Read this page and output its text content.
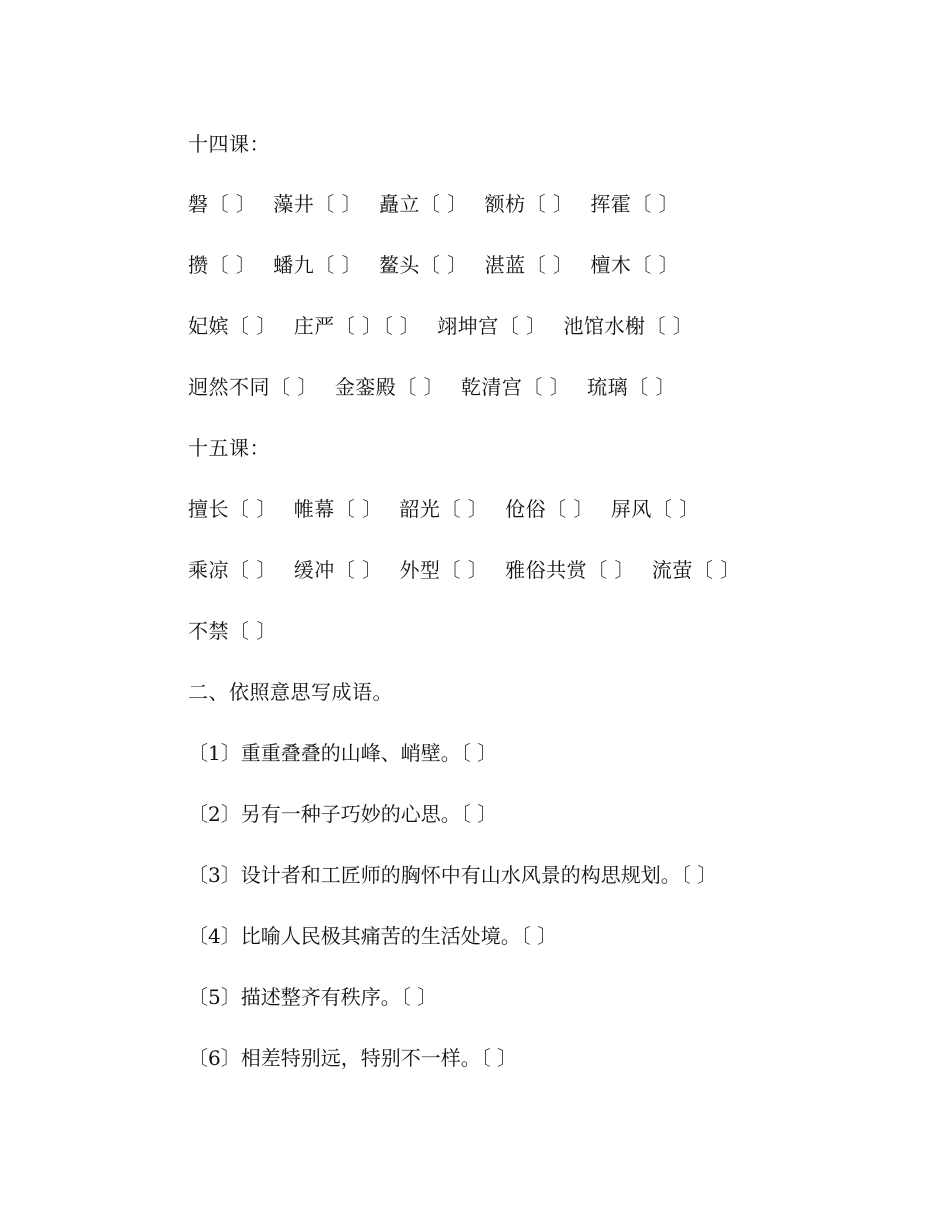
十四课：
磐〔 〕 藻井〔 〕 矗立〔 〕 额枋〔 〕 挥霍〔 〕
攒〔 〕 蟠九〔 〕 鳌头〔 〕 湛蓝〔 〕 檀木〔 〕
妃嫔〔 〕 庄严〔 〕〔 〕 翊坤宫〔 〕 池馆水榭〔 〕
迥然不同〔 〕 金銮殿〔 〕 乾清宫〔 〕 琉璃〔 〕
十五课：
擅长〔 〕 帷幕〔 〕 韶光〔 〕 伧俗〔 〕 屏风〔 〕
乘凉〔 〕 缓冲〔 〕 外型〔 〕 雅俗共赏〔 〕 流萤〔 〕
不禁〔 〕
二、依照意思写成语。
〔1〕重重叠叠的山峰、峭壁。〔 〕
〔2〕另有一种子巧妙的心思。〔 〕
〔3〕设计者和工匠师的胸怀中有山水风景的构思规划。〔 〕
〔4〕比喻人民极其痛苦的生活处境。〔 〕
〔5〕描述整齐有秩序。〔 〕
〔6〕相差特别远，特别不一样。〔 〕
